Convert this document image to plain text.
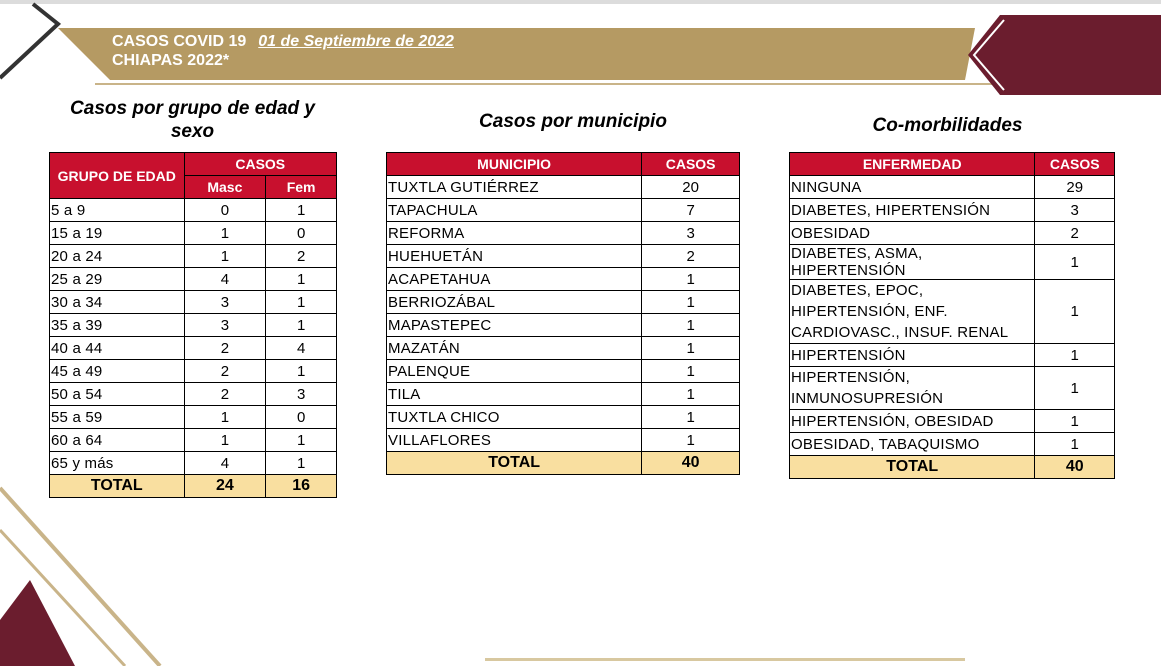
CASOS COVID 19 01 de Septiembre de 2022
CHIAPAS 2022*
Casos por grupo de edad y sexo	Casos por municipio	Co-morbilidades
GRUPO DE EDAD	CASOS	
	Masc	Fem
5 a 9	0	1
15 a 19	1	0
20 a 24	1	2
25 a 29	4	1
30 a 34	3	1
35 a 39	3	1
40 a 44	2	4
45 a 49	2	1
50 a 54	2	3
55 a 59	1	0
60 a 64	1	1
65 y más	4	1
TOTAL	24	16
MUNICIPIO	CASOS
TUXTLA GUTIÉRREZ	20
TAPACHULA	7
REFORMA	3
HUEHUETÁN	2
ACAPETAHUA	1
BERRIOZÁBAL	1
MAPASTEPEC	1
MAZATÁN	1
PALENQUE	1
TILA	1
TUXTLA CHICO	1
VILLAFLORES	1
TOTAL	40
ENFERMEDAD	CASOS
NINGUNA	29
DIABETES, HIPERTENSIÓN	3
OBESIDAD	2
DIABETES, ASMA, HIPERTENSIÓN	1
DIABETES, EPOC, HIPERTENSIÓN, ENF. CARDIOVASC., INSUF. RENAL	1
HIPERTENSIÓN	1
HIPERTENSIÓN, INMUNOSUPRESIÓN	1
HIPERTENSIÓN, OBESIDAD	1
OBESIDAD, TABAQUISMO	1
TOTAL	40
